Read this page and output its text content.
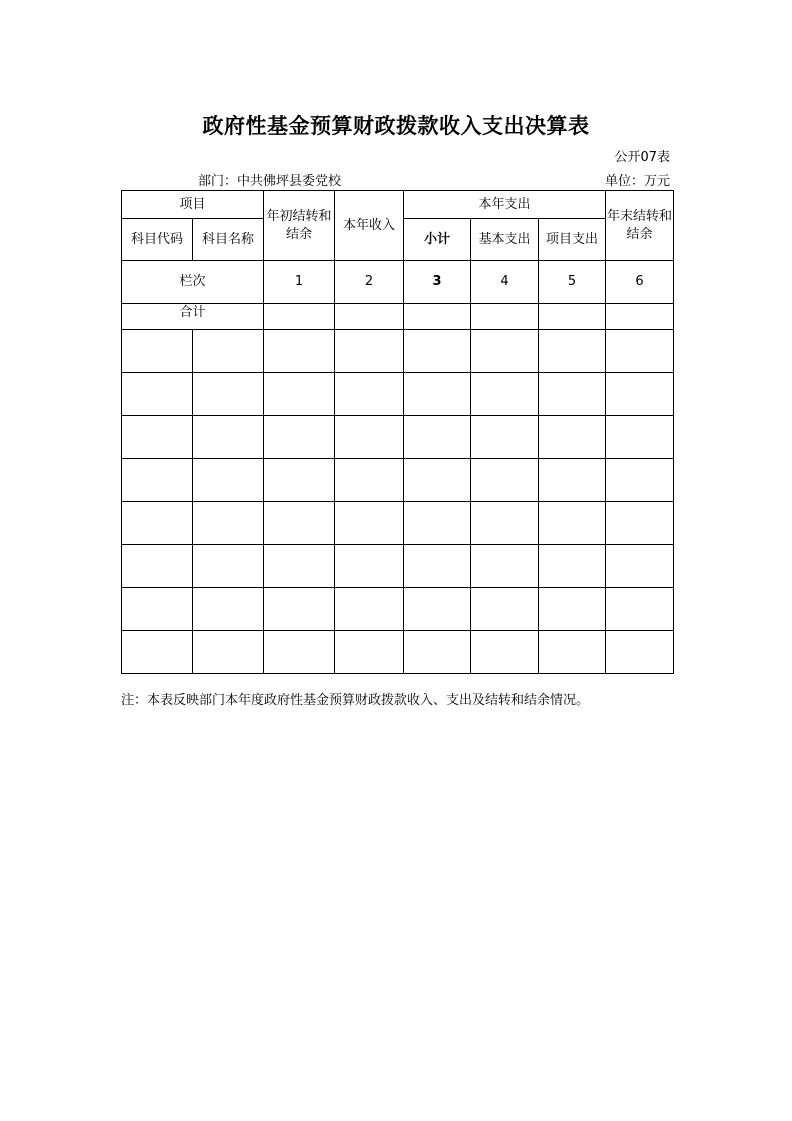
政府性基金预算财政拨款收入支出决算表
公开07表
部门：中共佛坪县委党校	单位：万元
项目		年初结转和结余	本年收入	本年支出			年末结转和结余
科目代码	科目名称			小计	基本支出	项目支出	
栏次		1	2	3	4	5	6
合计							

注：本表反映部门本年度政府性基金预算财政拨款收入、支出及结转和结余情况。
